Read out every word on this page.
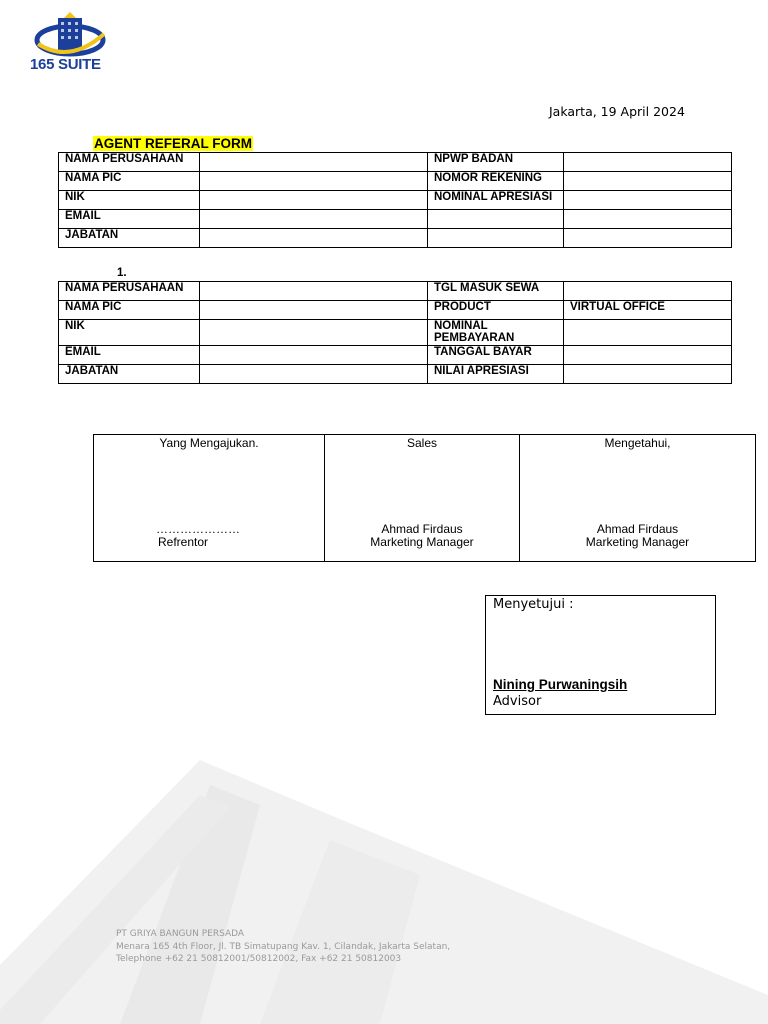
165 SUITE
Jakarta, 19 April 2024
AGENT REFERAL FORM
NAMA PERUSAHAAN		NPWP BADAN	
NAMA PIC		NOMOR REKENING	
NIK		NOMINAL APRESIASI	
EMAIL			
JABATAN			
1.
NAMA PERUSAHAAN		TGL MASUK SEWA	
NAMA PIC		PRODUCT	VIRTUAL OFFICE
NIK		NOMINAL PEMBAYARAN	
EMAIL		TANGGAL BAYAR	
JABATAN		NILAI APRESIASI	
Yang Mengajukan.
…………………
Refrentor

Sales
Ahmad Firdaus
Marketing Manager

Mengetahui,
Ahmad Firdaus
Marketing Manager
Menyetujui :
Nining Purwaningsih
Advisor
PT GRIYA BANGUN PERSADA
Menara 165 4th Floor, Jl. TB Simatupang Kav. 1, Cilandak, Jakarta Selatan,
Telephone +62 21 50812001/50812002, Fax +62 21 50812003
